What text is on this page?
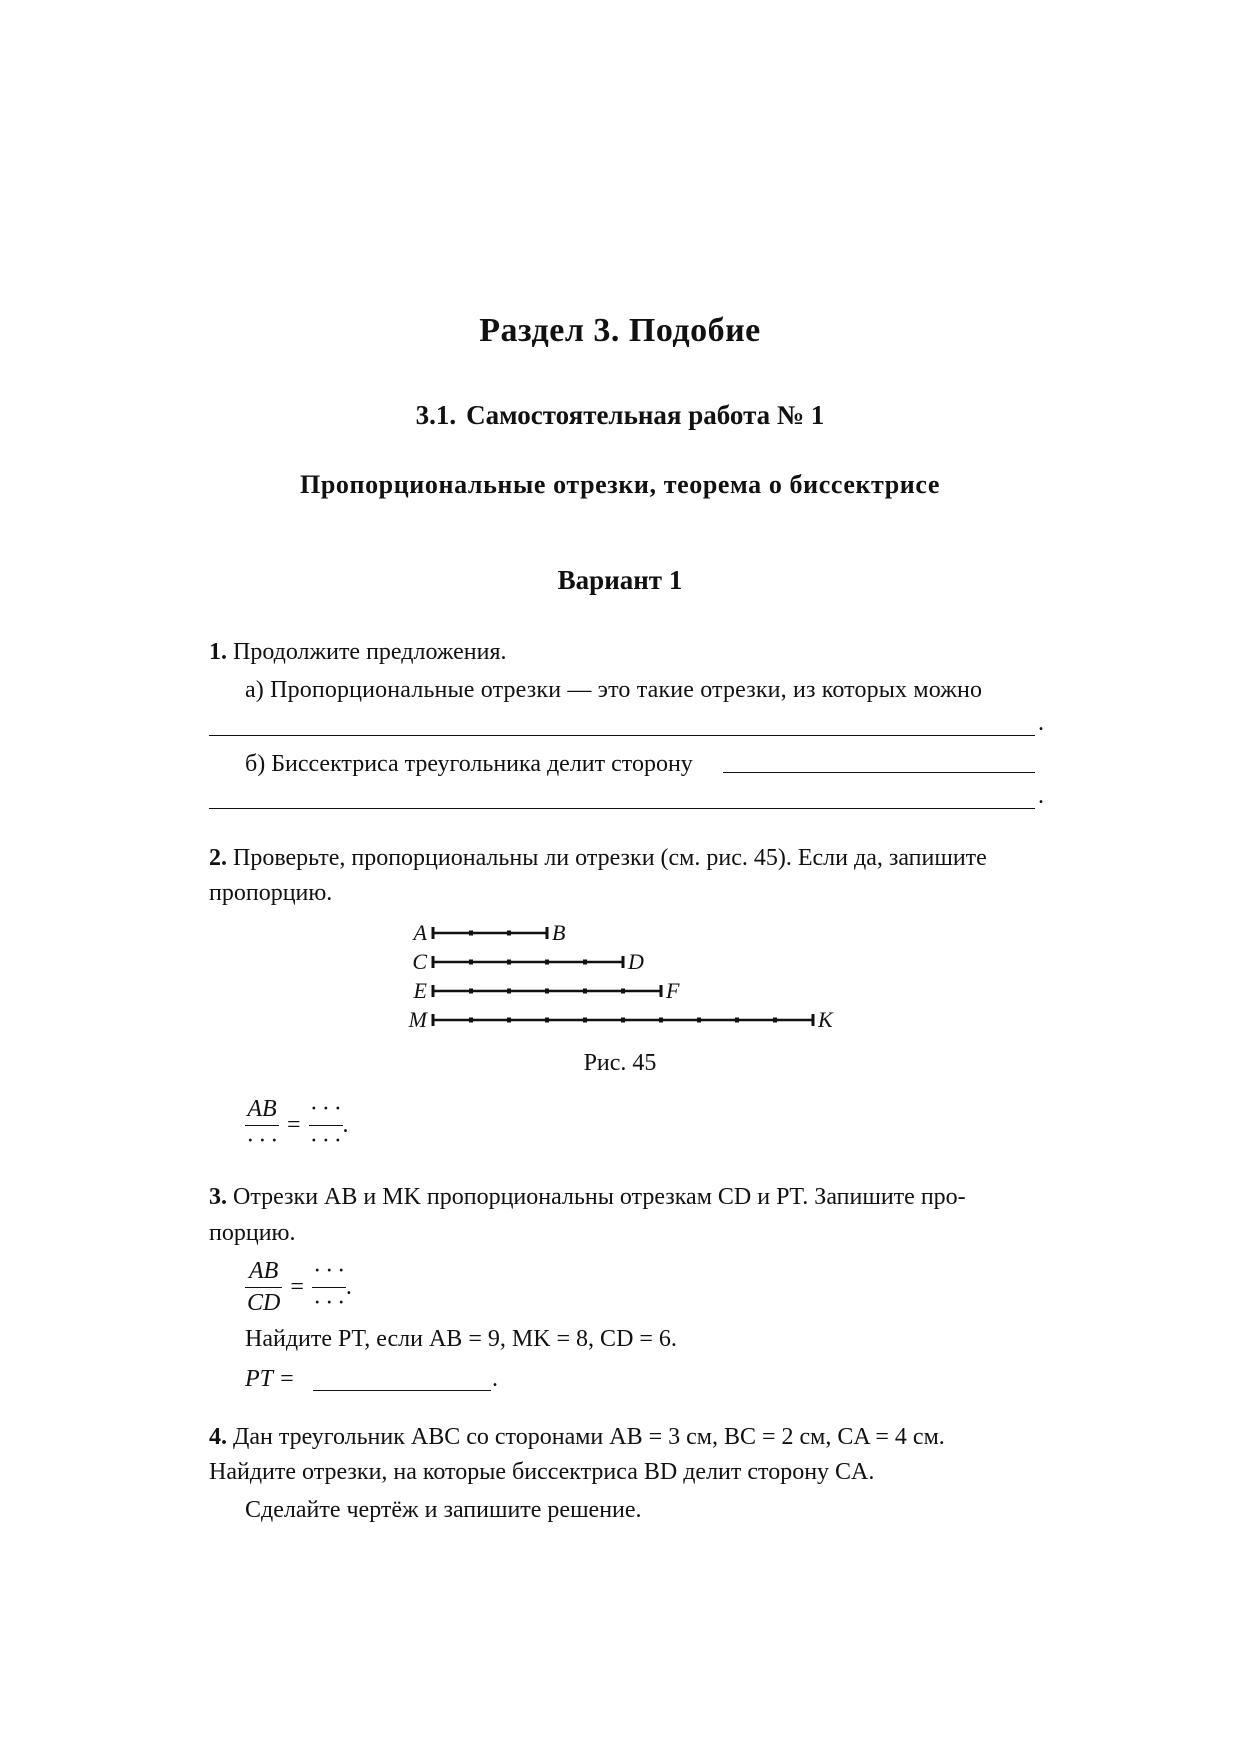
Раздел 3. Подобие
3.1. Самостоятельная работа № 1
Пропорциональные отрезки, теорема о биссектрисе
Вариант 1
1. Продолжите предложения.
а) Пропорциональные отрезки — это такие отрезки, из которых можно
.
б) Биссектриса треугольника делит сторону
.
2. Проверьте, пропорциональны ли отрезки (см. рис. 45). Если да, запишите
пропорцию.
A	B
C	D
E	F
M	K
Рис. 45
$\frac{AB}{\cdot \cdot \cdot} = \frac{\cdot \cdot \cdot}{\cdot \cdot \cdot}$ .
3. Отрезки AB и MK пропорциональны отрезкам CD и PT. Запишите про-
порцию.
$\frac{AB}{CD} = \frac{\cdot \cdot \cdot}{\cdot \cdot \cdot}$ .
Найдите PT, если AB = 9, MK = 8, CD = 6.
PT =	.
4. Дан треугольник ABC со сторонами AB = 3 см, BC = 2 см, CA = 4 см.
Найдите отрезки, на которые биссектриса BD делит сторону CA.
Сделайте чертёж и запишите решение.
